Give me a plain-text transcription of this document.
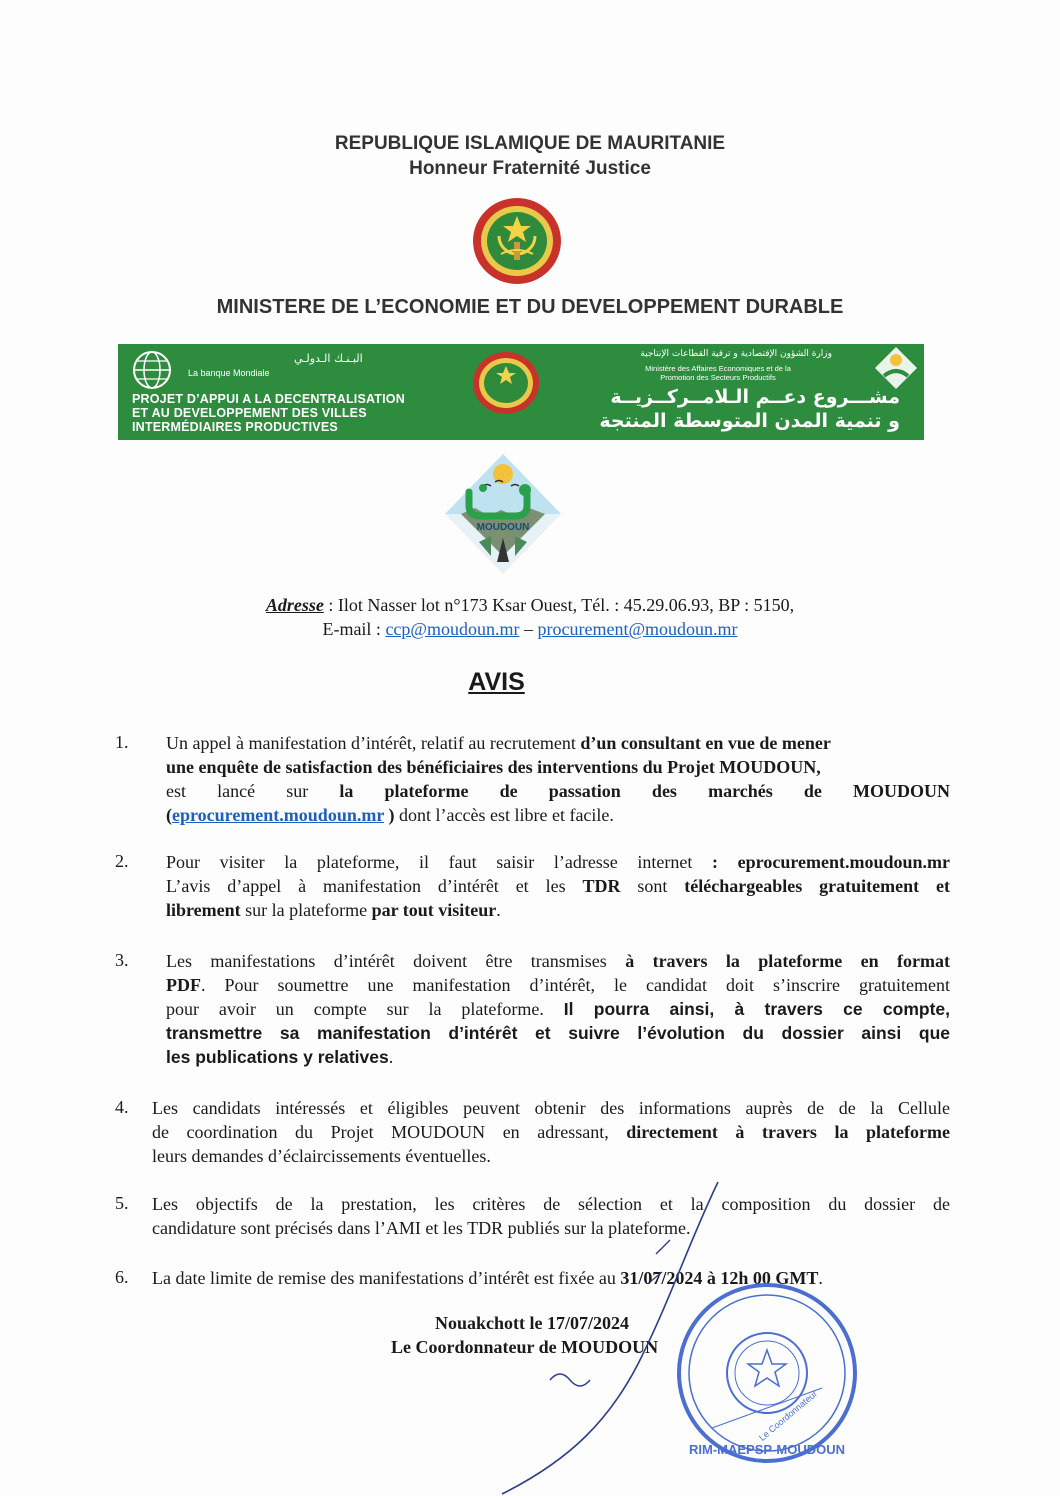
REPUBLIQUE ISLAMIQUE DE MAURITANIE
Honneur Fraternité Justice
MINISTERE DE L’ECONOMIE ET DU DEVELOPPEMENT DURABLE
البـنـك الـدولـي
La banque Mondiale
PROJET D’APPUI A LA DECENTRALISATION
ET AU DEVELOPPEMENT DES VILLES
INTERMÉDIAIRES PRODUCTIVES
وزارة الشؤون الإقتصادية و ترقية القطاعات الإنتاجية
Ministère des Affaires Economiques et de la
Promotion des Secteurs Productifs
مشـــروع دعــم الـلامــركــزيــة
و تنمية المدن المتوسطة المنتجة
MOUDOUN
Adresse : Ilot Nasser lot n°173 Ksar Ouest, Tél. : 45.29.06.93, BP : 5150,
E-mail : ccp@moudoun.mr – procurement@moudoun.mr
AVIS
1. Un appel à manifestation d’intérêt, relatif au recrutement d’un consultant en vue de mener
une enquête de satisfaction des bénéficiaires des interventions du Projet MOUDOUN,
est lancé sur la plateforme de passation des marchés de MOUDOUN
(eprocurement.moudoun.mr ) dont l’accès est libre et facile.
2. Pour visiter la plateforme, il faut saisir l’adresse internet : eprocurement.moudoun.mr
L’avis d’appel à manifestation d’intérêt et les TDR sont téléchargeables gratuitement et
librement sur la plateforme par tout visiteur.
3. Les manifestations d’intérêt doivent être transmises à travers la plateforme en format
PDF. Pour soumettre une manifestation d’intérêt, le candidat doit s’inscrire gratuitement
pour avoir un compte sur la plateforme. Il pourra ainsi, à travers ce compte,
transmettre sa manifestation d’intérêt et suivre l’évolution du dossier ainsi que
les publications y relatives.
4. Les candidats intéressés et éligibles peuvent obtenir des informations auprès de de la Cellule
de coordination du Projet MOUDOUN en adressant, directement à travers la plateforme
leurs demandes d’éclaircissements éventuelles.
5. Les objectifs de la prestation, les critères de sélection et la composition du dossier de
candidature sont précisés dans l’AMI et les TDR publiés sur la plateforme.
6. La date limite de remise des manifestations d’intérêt est fixée au 31/07/2024 à 12h 00 GMT.
Nouakchott le 17/07/2024
Le Coordonnateur de MOUDOUN
RIM-MAEPSP-MOUDOUN
Le Coordonnateur
